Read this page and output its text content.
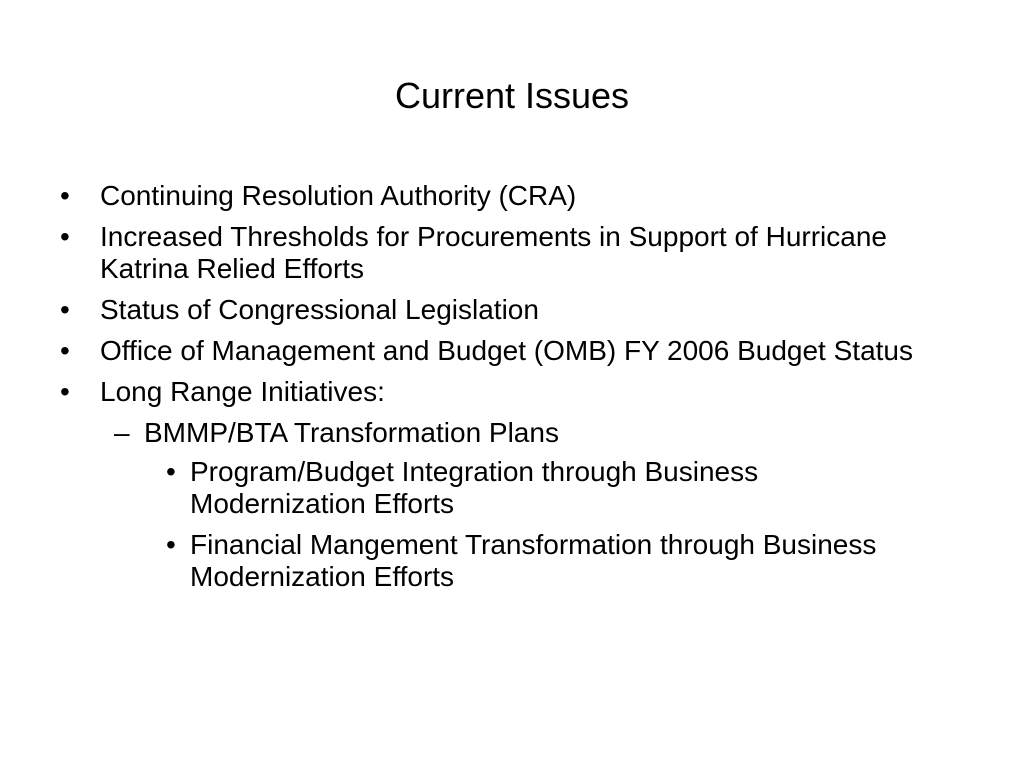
Current Issues
• Continuing Resolution Authority (CRA)
• Increased Thresholds for Procurements in Support of Hurricane Katrina Relied Efforts
• Status of Congressional Legislation
• Office of Management and Budget (OMB) FY 2006 Budget Status
• Long Range Initiatives:
– BMMP/BTA Transformation Plans
• Program/Budget Integration through Business Modernization Efforts
• Financial Mangement Transformation through Business Modernization Efforts
